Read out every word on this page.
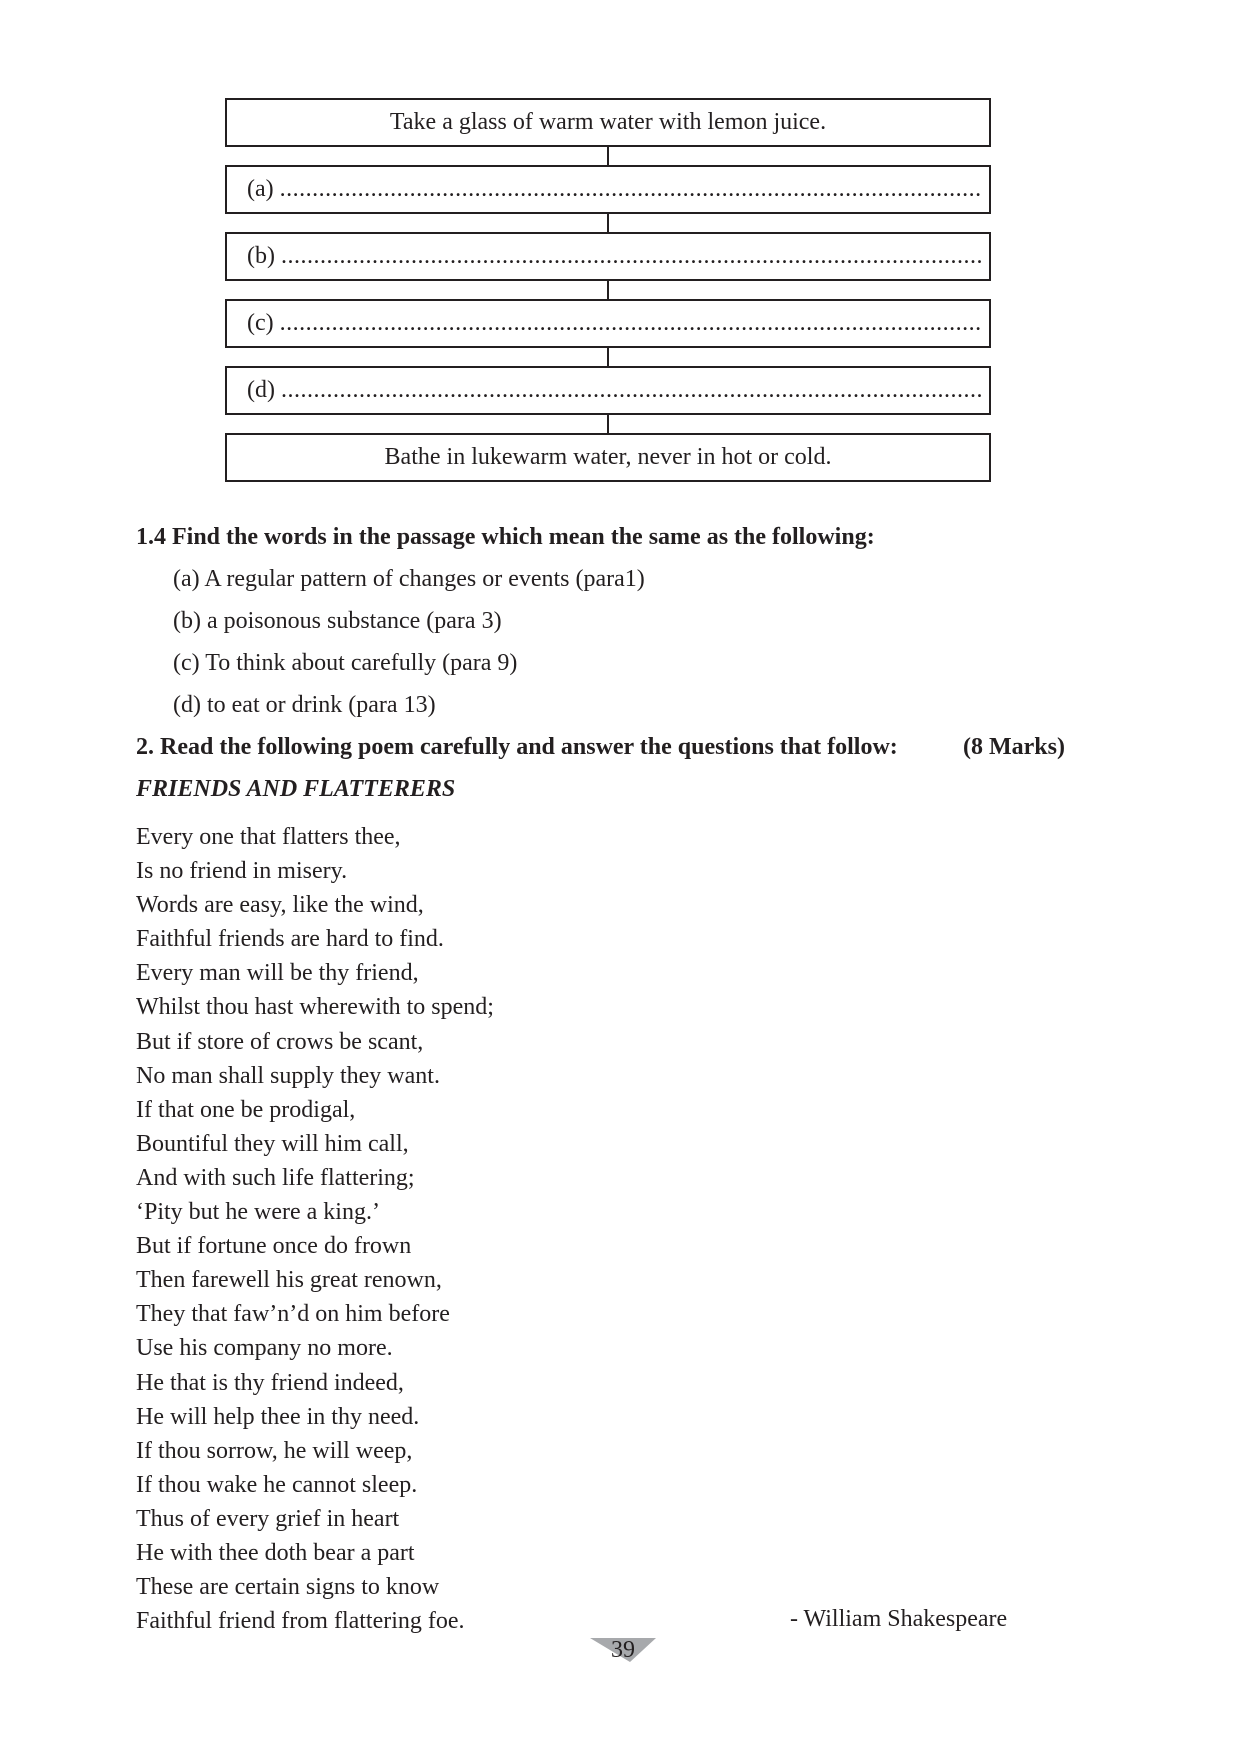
Take a glass of warm water with lemon juice.
(a) ............................................................................................................
(b) ............................................................................................................
(c) ............................................................................................................
(d) ............................................................................................................
Bathe in lukewarm water, never in hot or cold.
1.4 Find the words in the passage which mean the same as the following:
(a) A regular pattern of changes or events (para1)
(b) a poisonous substance (para 3)
(c) To think about carefully (para 9)
(d) to eat or drink (para 13)
2. Read the following poem carefully and answer the questions that follow:	(8 Marks)
FRIENDS AND FLATTERERS
Every one that flatters thee,
Is no friend in misery.
Words are easy, like the wind,
Faithful friends are hard to find.
Every man will be thy friend,
Whilst thou hast wherewith to spend;
But if store of crows be scant,
No man shall supply they want.
If that one be prodigal,
Bountiful they will him call,
And with such life flattering;
‘Pity but he were a king.’
But if fortune once do frown
Then farewell his great renown,
They that faw’n’d on him before
Use his company no more.
He that is thy friend indeed,
He will help thee in thy need.
If thou sorrow, he will weep,
If thou wake he cannot sleep.
Thus of every grief in heart
He with thee doth bear a part
These are certain signs to know
Faithful friend from flattering foe.	- William Shakespeare
39
